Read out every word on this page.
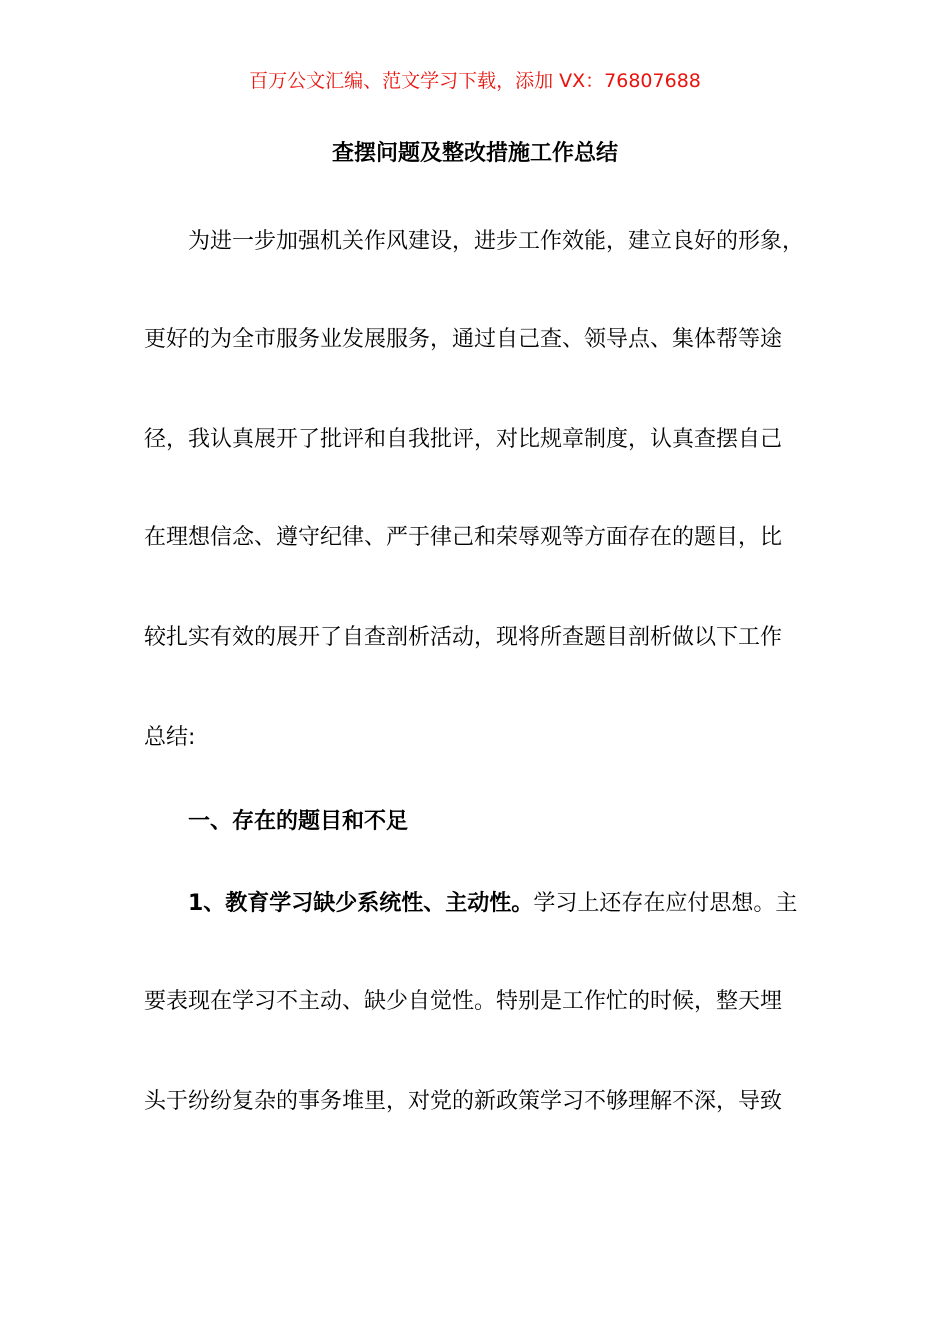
百万公文汇编、范文学习下载，添加 VX：76807688
查摆问题及整改措施工作总结
为进一步加强机关作风建设，进步工作效能，建立良好的形象，
更好的为全市服务业发展服务，通过自己查、领导点、集体帮等途
径，我认真展开了批评和自我批评，对比规章制度，认真查摆自己
在理想信念、遵守纪律、严于律己和荣辱观等方面存在的题目，比
较扎实有效的展开了自查剖析活动，现将所查题目剖析做以下工作
总结:
一、存在的题目和不足
1、教育学习缺少系统性、主动性。学习上还存在应付思想。主
要表现在学习不主动、缺少自觉性。特别是工作忙的时候，整天埋
头于纷纷复杂的事务堆里，对党的新政策学习不够理解不深，导致
